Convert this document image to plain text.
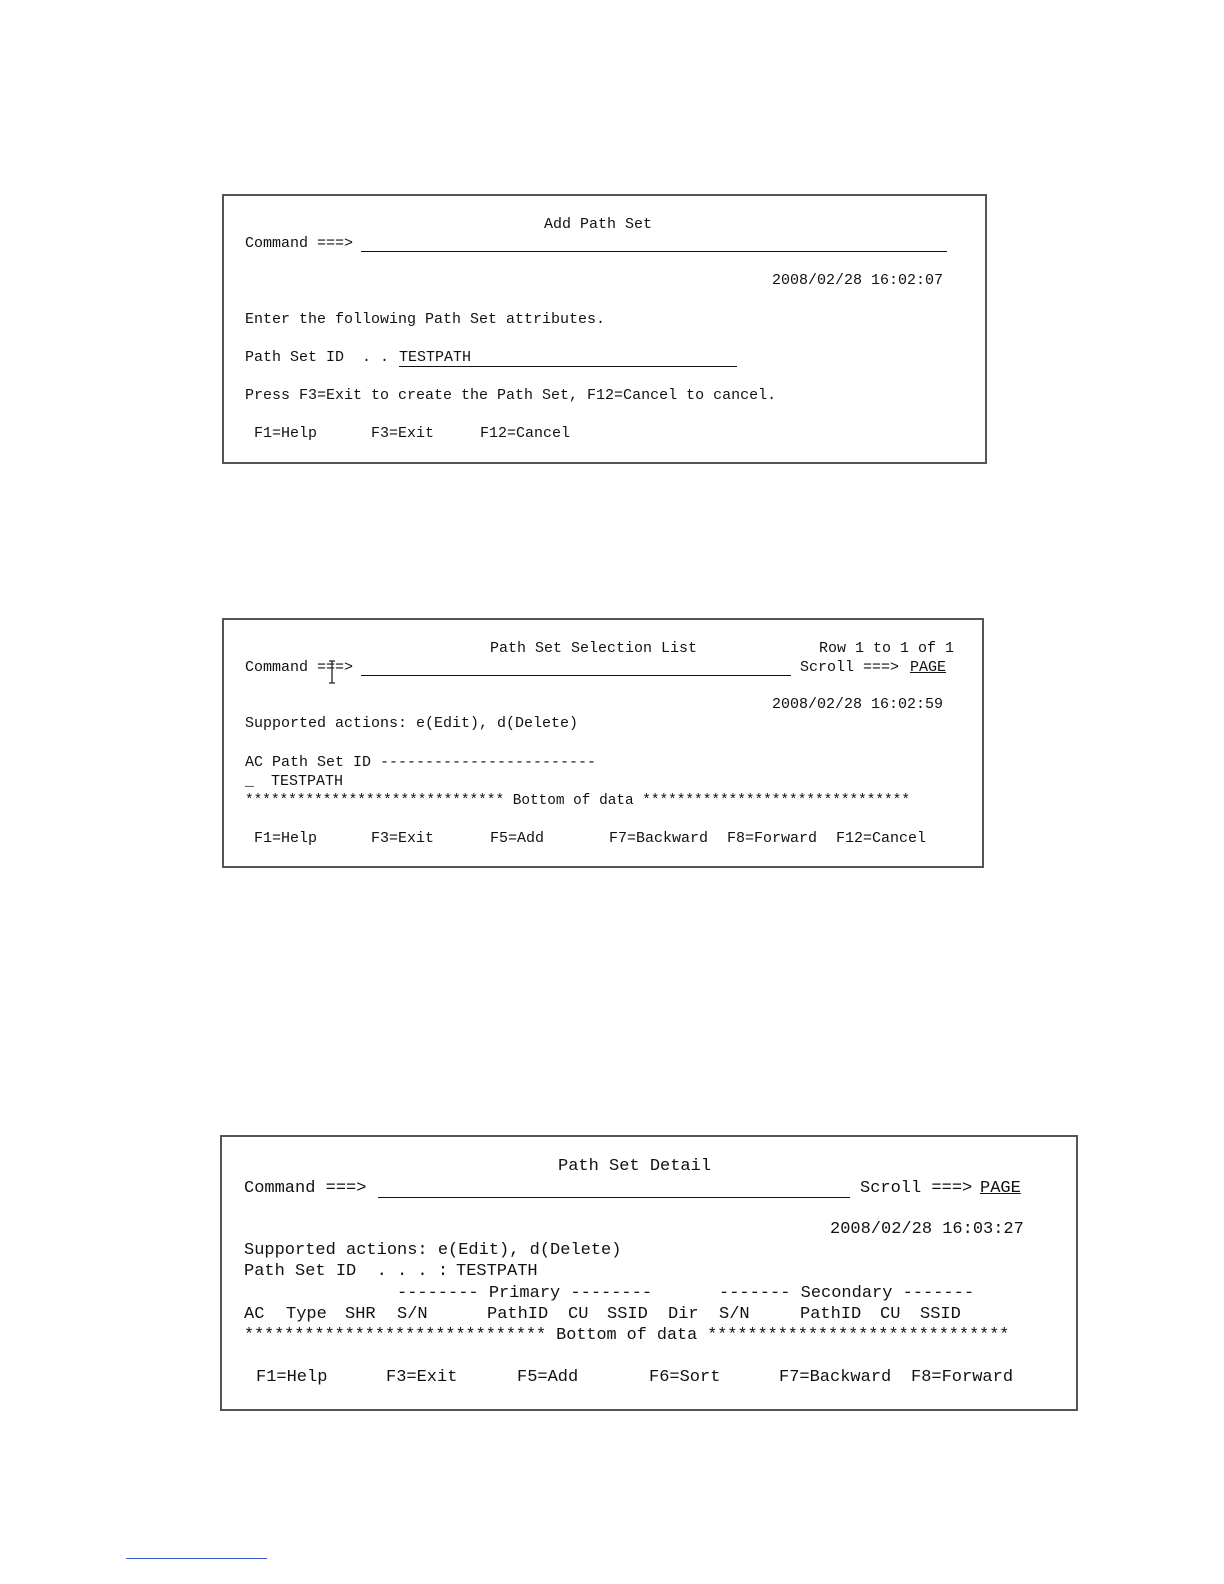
Add Path Set
Command ===>
2008/02/28 16:02:07
Enter the following Path Set attributes.
Path Set ID  . . TESTPATH
Press F3=Exit to create the Path Set, F12=Cancel to cancel.
F1=Help	F3=Exit	F12=Cancel
Path Set Selection List	Row 1 to 1 of 1
Command ===>	Scroll ===> PAGE
2008/02/28 16:02:59
Supported actions: e(Edit), d(Delete)
AC Path Set ID ------------------------
_ TESTPATH
****************************** Bottom of data *******************************
F1=Help	F3=Exit	F5=Add	F7=Backward F8=Forward F12=Cancel
Path Set Detail
Command ===>	Scroll ===> PAGE
2008/02/28 16:03:27
Supported actions: e(Edit), d(Delete)
Path Set ID  . . . : TESTPATH
-------- Primary --------	------- Secondary -------
AC Type SHR S/N	PathID CU SSID Dir S/N	PathID CU SSID
****************************** Bottom of data ******************************
F1=Help	F3=Exit	F5=Add	F6=Sort	F7=Backward F8=Forward
